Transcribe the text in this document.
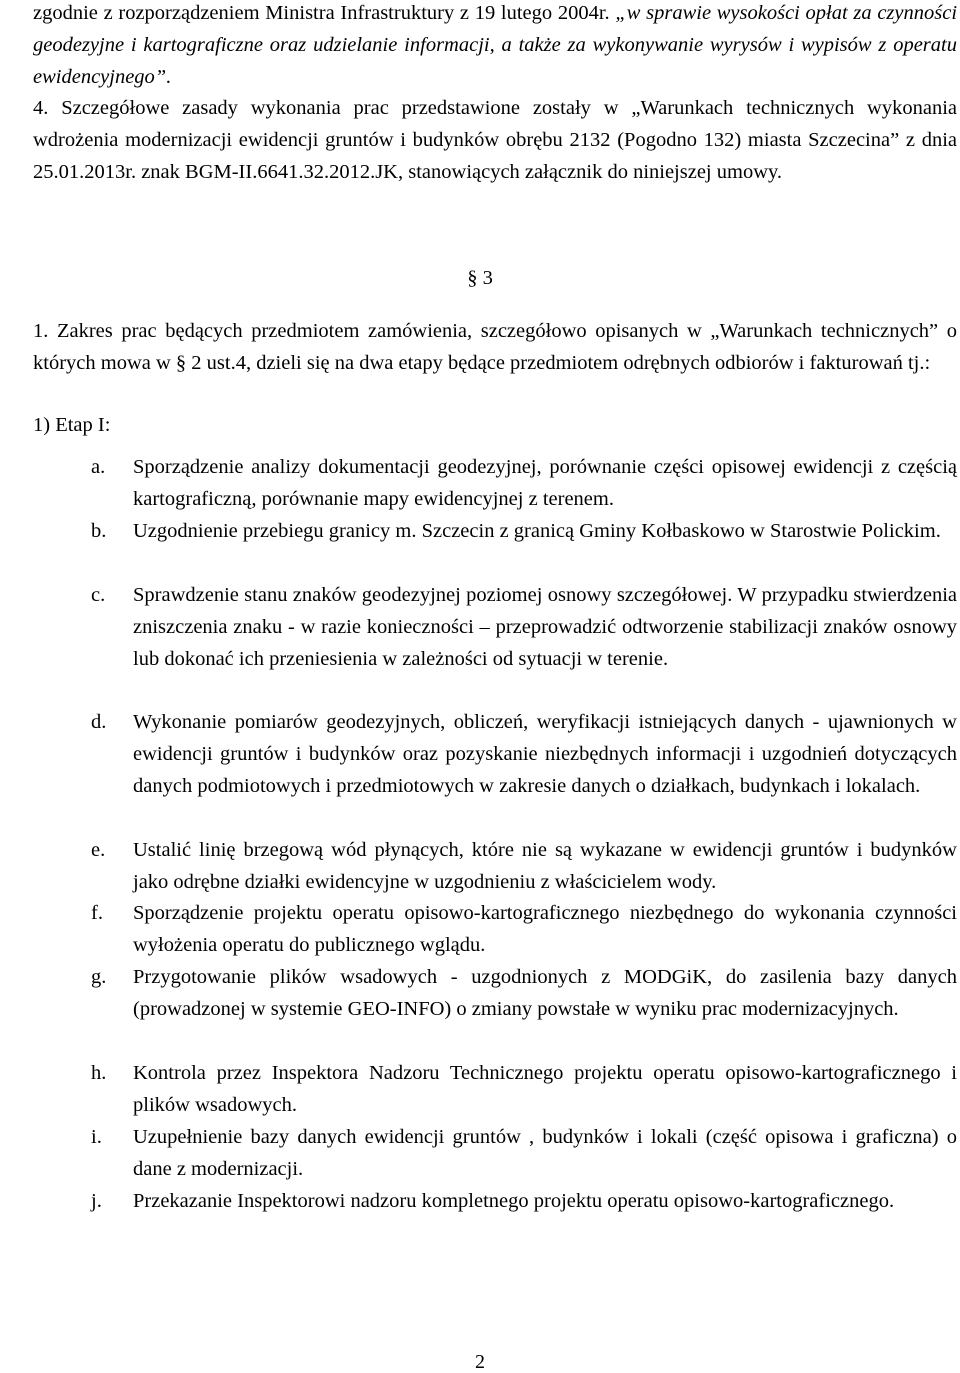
zgodnie z rozporządzeniem Ministra Infrastruktury z 19 lutego 2004r. „w sprawie wysokości opłat za czynności geodezyjne i kartograficzne oraz udzielanie informacji, a także za wykonywanie wyrysów i wypisów z operatu ewidencyjnego”.
4. Szczegółowe zasady wykonania prac przedstawione zostały w „Warunkach technicznych wykonania wdrożenia modernizacji ewidencji gruntów i budynków obrębu 2132 (Pogodno 132) miasta Szczecina” z dnia 25.01.2013r. znak BGM-II.6641.32.2012.JK, stanowiących załącznik do niniejszej umowy.
§ 3
1. Zakres prac będących przedmiotem zamówienia, szczegółowo opisanych w „Warunkach technicznych” o których mowa w § 2 ust.4, dzieli się na dwa etapy będące przedmiotem odrębnych odbiorów i fakturowań tj.:
1) Etap I:
a. Sporządzenie analizy dokumentacji geodezyjnej, porównanie części opisowej ewidencji z częścią kartograficzną, porównanie mapy ewidencyjnej z terenem.
b. Uzgodnienie przebiegu granicy m. Szczecin z granicą Gminy Kołbaskowo w Starostwie Polickim.
c. Sprawdzenie stanu znaków geodezyjnej poziomej osnowy szczegółowej. W przypadku stwierdzenia zniszczenia znaku - w razie konieczności – przeprowadzić odtworzenie stabilizacji znaków osnowy lub dokonać ich przeniesienia w zależności od sytuacji w terenie.
d. Wykonanie pomiarów geodezyjnych, obliczeń, weryfikacji istniejących danych - ujawnionych w ewidencji gruntów i budynków oraz pozyskanie niezbędnych informacji i uzgodnień dotyczących danych podmiotowych i przedmiotowych w zakresie danych o działkach, budynkach i lokalach.
e. Ustalić linię brzegową wód płynących, które nie są wykazane w ewidencji gruntów i budynków jako odrębne działki ewidencyjne w uzgodnieniu z właścicielem wody.
f. Sporządzenie projektu operatu opisowo-kartograficznego niezbędnego do wykonania czynności wyłożenia operatu do publicznego wglądu.
g. Przygotowanie plików wsadowych - uzgodnionych z MODGiK, do zasilenia bazy danych (prowadzonej w systemie GEO-INFO) o zmiany powstałe w wyniku prac modernizacyjnych.
h. Kontrola przez Inspektora Nadzoru Technicznego projektu operatu opisowo-kartograficznego i plików wsadowych.
i. Uzupełnienie bazy danych ewidencji gruntów , budynków i lokali (część opisowa i graficzna) o dane z modernizacji.
j. Przekazanie Inspektorowi nadzoru kompletnego projektu operatu opisowo-kartograficznego.
2
